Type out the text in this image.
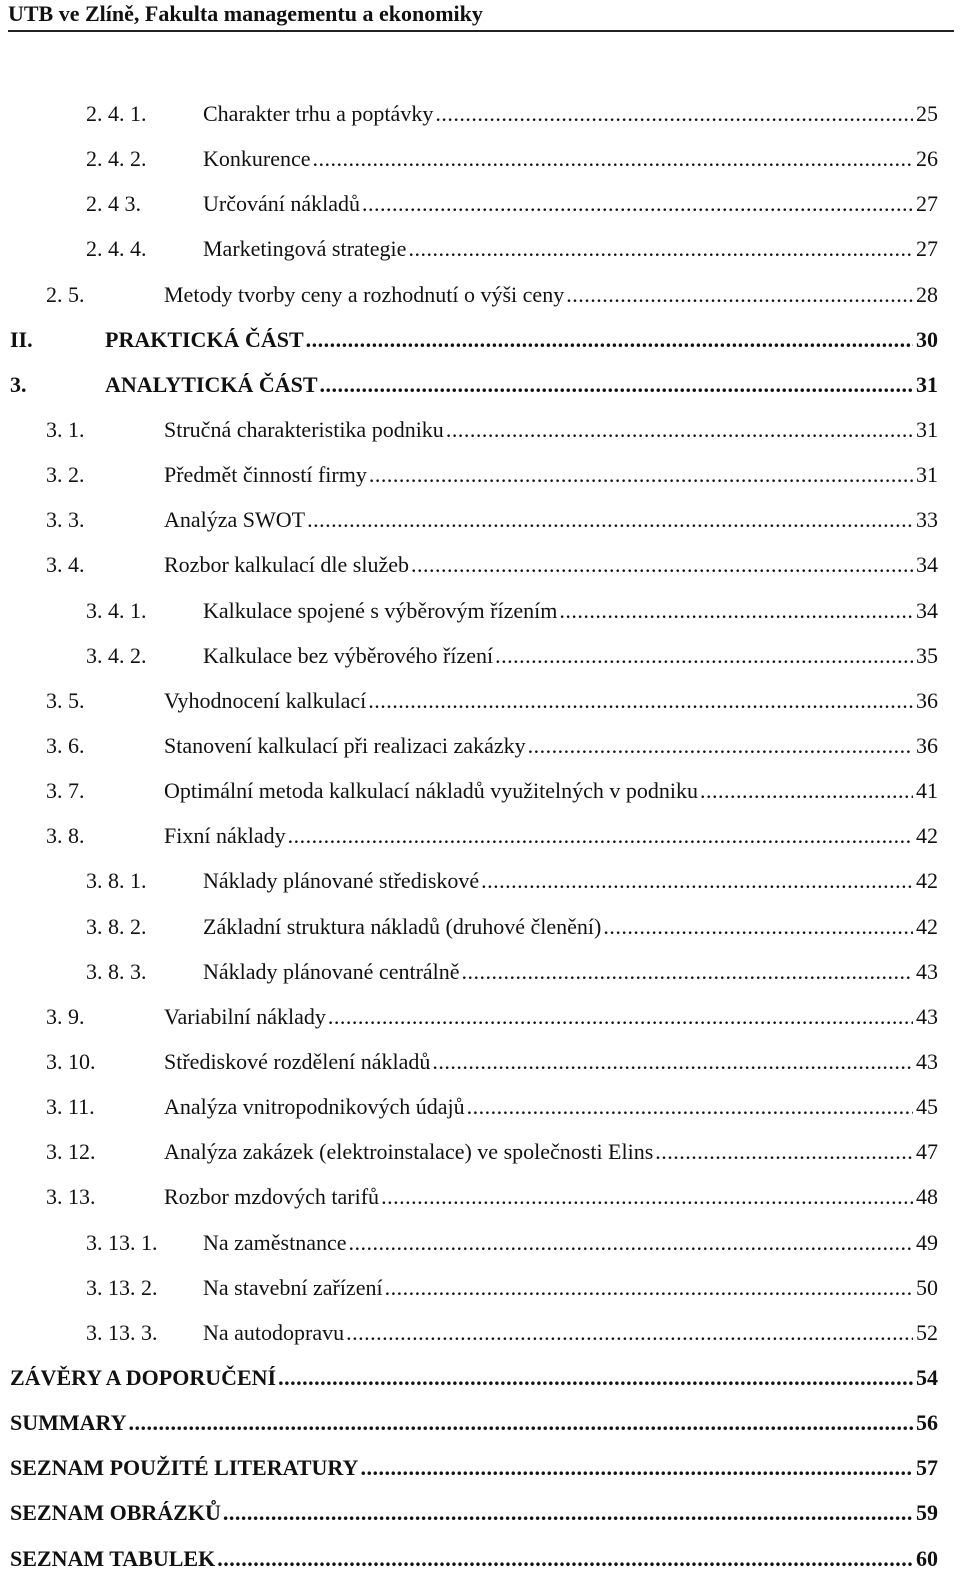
UTB ve Zlíně, Fakulta managementu a ekonomiky
2. 4. 1.	Charakter trhu a poptávky .....	25
2. 4. 2.	Konkurence .....	26
2. 4 3.	Určování nákladů .....	27
2. 4. 4.	Marketingová strategie .....	27
2. 5.	Metody tvorby ceny a rozhodnutí o výši ceny .....	28
II.	PRAKTICKÁ ČÁST .....	30
3.	ANALYTICKÁ ČÁST .....	31
3. 1.	Stručná charakteristika podniku .....	31
3. 2.	Předmět činností firmy .....	31
3. 3.	Analýza SWOT .....	33
3. 4.	Rozbor kalkulací dle služeb .....	34
3. 4. 1.	Kalkulace spojené s výběrovým řízením .....	34
3. 4. 2.	Kalkulace bez výběrového řízení .....	35
3. 5.	Vyhodnocení kalkulací .....	36
3. 6.	Stanovení kalkulací při realizaci zakázky .....	36
3. 7.	Optimální metoda kalkulací nákladů využitelných v podniku .....	41
3. 8.	Fixní náklady .....	42
3. 8. 1.	Náklady plánované střediskové .....	42
3. 8. 2.	Základní struktura nákladů (druhové členění) .....	42
3. 8. 3.	Náklady plánované centrálně .....	43
3. 9.	Variabilní náklady .....	43
3. 10.	Střediskové rozdělení nákladů .....	43
3. 11.	Analýza vnitropodnikových údajů .....	45
3. 12.	Analýza zakázek (elektroinstalace) ve společnosti Elins .....	47
3. 13.	Rozbor mzdových tarifů .....	48
3. 13. 1. Na zaměstnance .....	49
3. 13. 2. Na stavební zařízení .....	50
3. 13. 3. Na autodopravu .....	52
ZÁVĚRY A DOPORUČENÍ .....	54
SUMMARY .....	56
SEZNAM POUŽITÉ LITERATURY .....	57
SEZNAM OBRÁZKŮ .....	59
SEZNAM TABULEK .....	60
